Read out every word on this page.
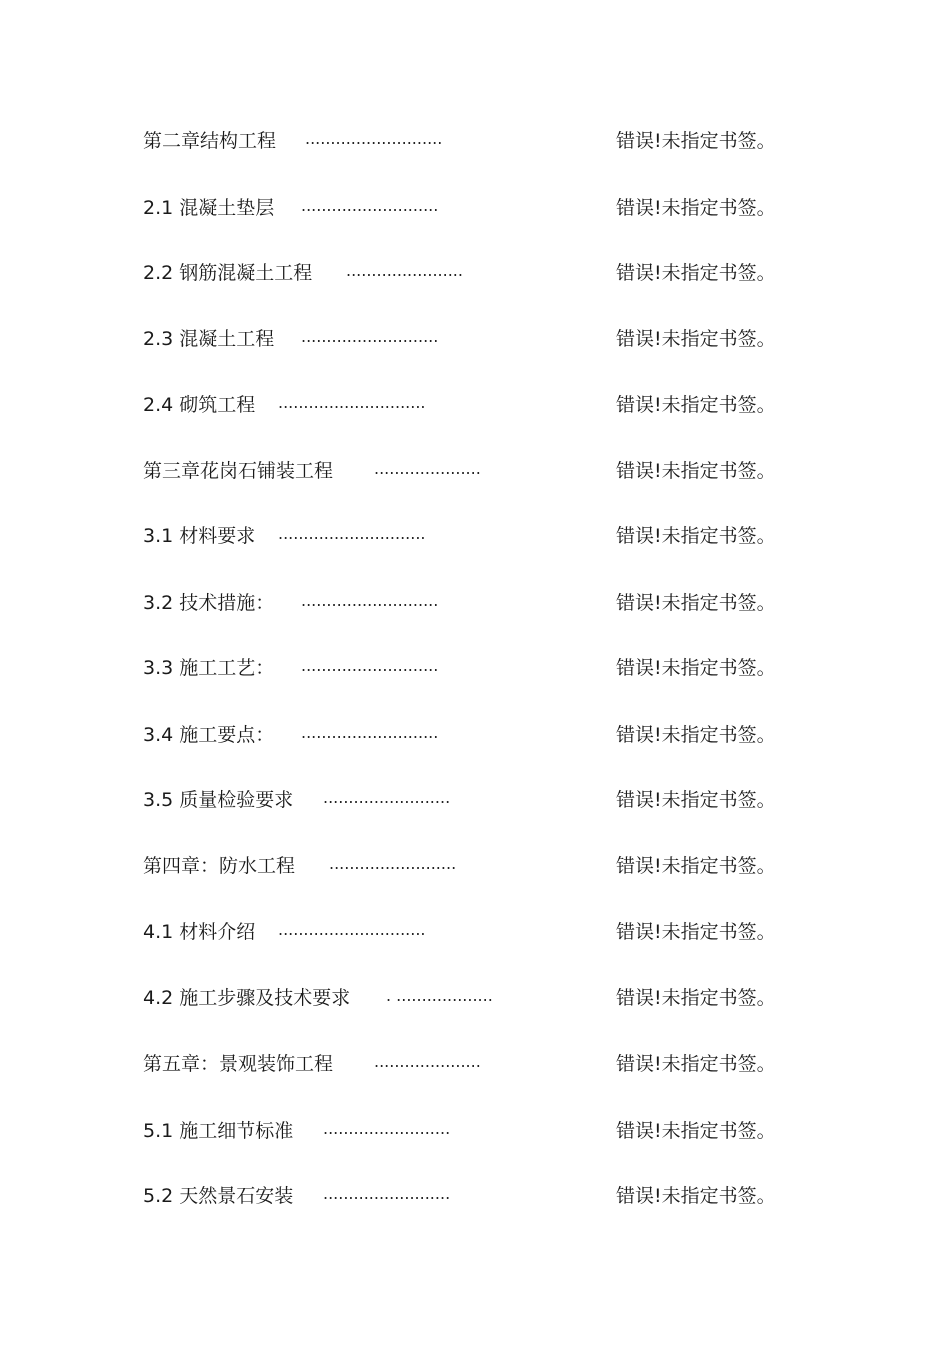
第二章结构工程 ...........................	错误!未指定书签。
2.1 混凝土垫层 ...........................	错误!未指定书签。
2.2 钢筋混凝土工程 .......................	错误!未指定书签。
2.3 混凝土工程 ...........................	错误!未指定书签。
2.4 砌筑工程 .............................	错误!未指定书签。
第三章花岗石铺装工程	.....................	错误!未指定书签。
3.1 材料要求 .............................	错误!未指定书签。
3.2 技术措施： ...........................	错误!未指定书签。
3.3 施工工艺： ...........................	错误!未指定书签。
3.4 施工要点： ...........................	错误!未指定书签。
3.5 质量检验要求 .........................	错误!未指定书签。
第四章：防水工程 .........................	错误!未指定书签。
4.1 材料介绍 .............................	错误!未指定书签。
4.2 施工步骤及技术要求 . ...................	错误!未指定书签。
第五章：景观装饰工程	.....................	错误!未指定书签。
5.1 施工细节标准 .........................	错误!未指定书签。
5.2 天然景石安装 .........................	错误!未指定书签。
